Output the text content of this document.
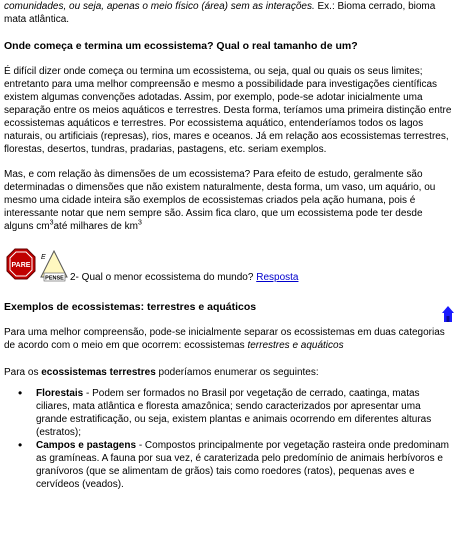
comunidades, ou seja, apenas o meio físico (área) sem as interações. Ex.: Bioma cerrado, bioma mata atlântica.

Onde começa e termina um ecossistema? Qual o real tamanho de um?

É difícil dizer onde começa ou termina um ecossistema, ou seja, qual ou quais os seus limites; entretanto para uma melhor compreensão e mesmo a possibilidade para investigações científicas existem algumas convenções adotadas. Assim, por exemplo, pode-se adotar inicialmente uma separação entre os meios aquáticos e terrestres. Desta forma, teríamos uma primeira distinção entre ecossistemas aquáticos e terrestres. Por ecossistema aquático, entenderíamos todos os lagos naturais, ou artificiais (represas), rios, mares e oceanos. Já em relação aos ecossistemas terrestres, florestas, desertos, tundras, pradarias, pastagens, etc. seriam exemplos.

Mas, e com relação às dimensões de um ecossistema? Para efeito de estudo, geralmente são determinadas o dimensões que não existem naturalmente, desta forma, um vaso, um aquário, ou mesmo uma cidade inteira são exemplos de ecossistemas criados pela ação humana, pois é interessante notar que nem sempre são. Assim fica claro, que um ecossistema pode ter desde alguns $cm^3até$ milhares de $km^3$

PARE
E
PENSE 2- Qual o menor ecossistema do mundo? Resposta

Exemplos de ecossistemas: terrestres e aquáticos

Para uma melhor compreensão, pode-se inicialmente separar os ecossistemas em duas categorias de acordo com o meio em que ocorrem: ecossistemas terrestres e aquáticos

Para os ecossistemas terrestres poderíamos enumerar os seguintes:

• Florestais - Podem ser formados no Brasil por vegetação de cerrado, caatinga, matas ciliares, mata atlântica e floresta amazônica; sendo caracterizados por apresentar uma grande estratificação, ou seja, existem plantas e animais ocorrendo em diferentes alturas (estratos);
• Campos e pastagens - Compostos principalmente por vegetação rasteira onde predominam as gramíneas. A fauna por sua vez, é caraterizada pelo predomínio de animais herbívoros e granívoros (que se alimentam de grãos) tais como roedores (ratos), pequenas aves e cervídeos (veados).
